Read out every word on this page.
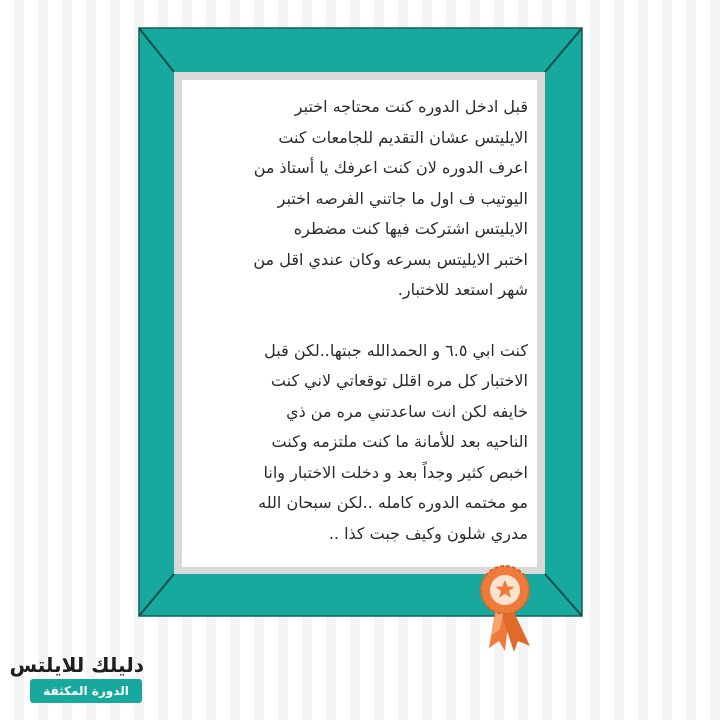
قبل ادخل الدوره كنت محتاجه اختبر
الايليتس عشان التقديم للجامعات كنت
اعرف الدوره لان كنت اعرفك يا أستاذ من
اليوتيب ف اول ما جاتني الفرصه اختبر
الايليتس اشتركت فيها كنت مضطره
اختبر الايليتس بسرعه وكان عندي اقل من
شهر استعد للاختبار.
كنت ابي ٦.٥ و الحمدالله جبتها..لكن قبل
الاختبار كل مره اقلل توقعاتي لاني كنت
خايفه لكن انت ساعدتني مره من ذي
الناحيه بعد للأمانة ما كنت ملتزمه وكنت
اخبص كثير وجداً بعد و دخلت الاختبار وانا
مو مختمه الدوره كامله ..لكن سبحان الله
مدري شلون وكيف جبت كذا ..
دليلك للايلتس
الدورة المكثفة
